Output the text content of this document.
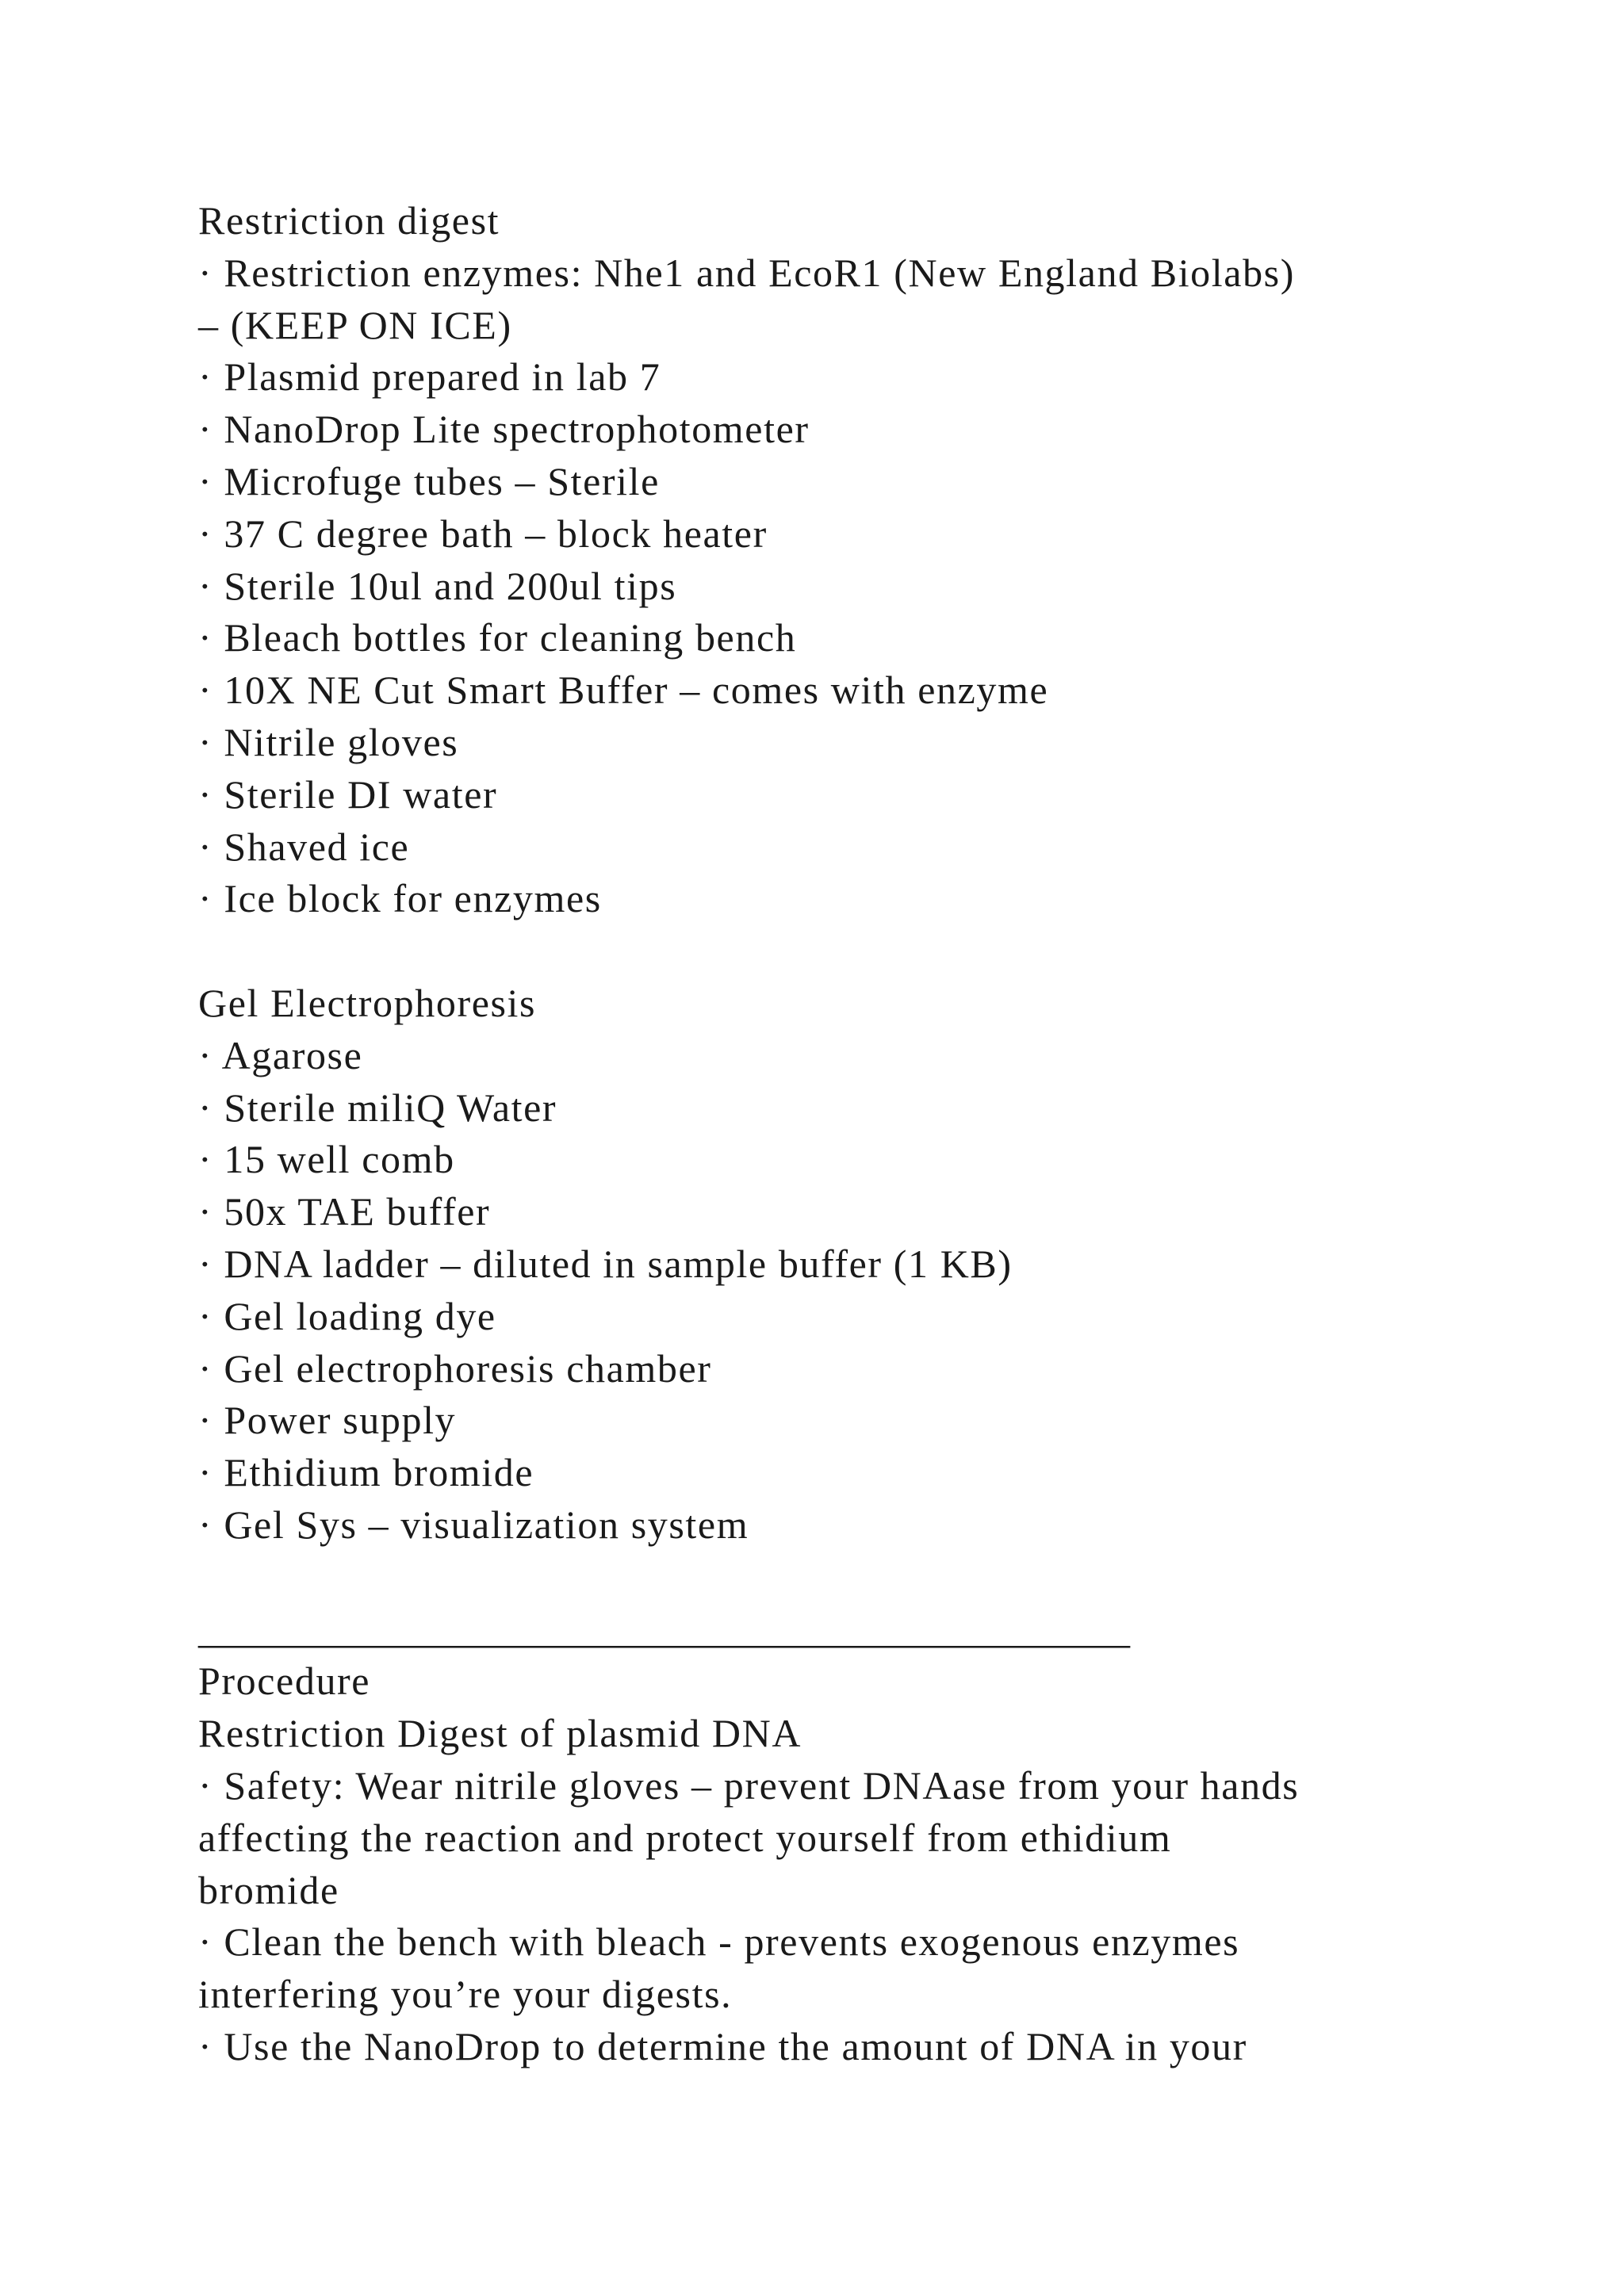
Restriction digest
· Restriction enzymes: Nhe1 and EcoR1 (New England Biolabs)
– (KEEP ON ICE)
· Plasmid prepared in lab 7
· NanoDrop Lite spectrophotometer
· Microfuge tubes – Sterile
· 37 C degree bath – block heater
· Sterile 10ul and 200ul tips
· Bleach bottles for cleaning bench
· 10X NE Cut Smart Buffer – comes with enzyme
· Nitrile gloves
· Sterile DI water
· Shaved ice
· Ice block for enzymes
Gel Electrophoresis
· Agarose
· Sterile miliQ Water
· 15 well comb
· 50x TAE buffer
· DNA ladder – diluted in sample buffer (1 KB)
· Gel loading dye
· Gel electrophoresis chamber
· Power supply
· Ethidium bromide
· Gel Sys – visualization system
_______________________________________________
Procedure
Restriction Digest of plasmid DNA
· Safety: Wear nitrile gloves – prevent DNAase from your hands
affecting the reaction and protect yourself from ethidium
bromide
· Clean the bench with bleach - prevents exogenous enzymes
interfering you’re your digests.
· Use the NanoDrop to determine the amount of DNA in your
